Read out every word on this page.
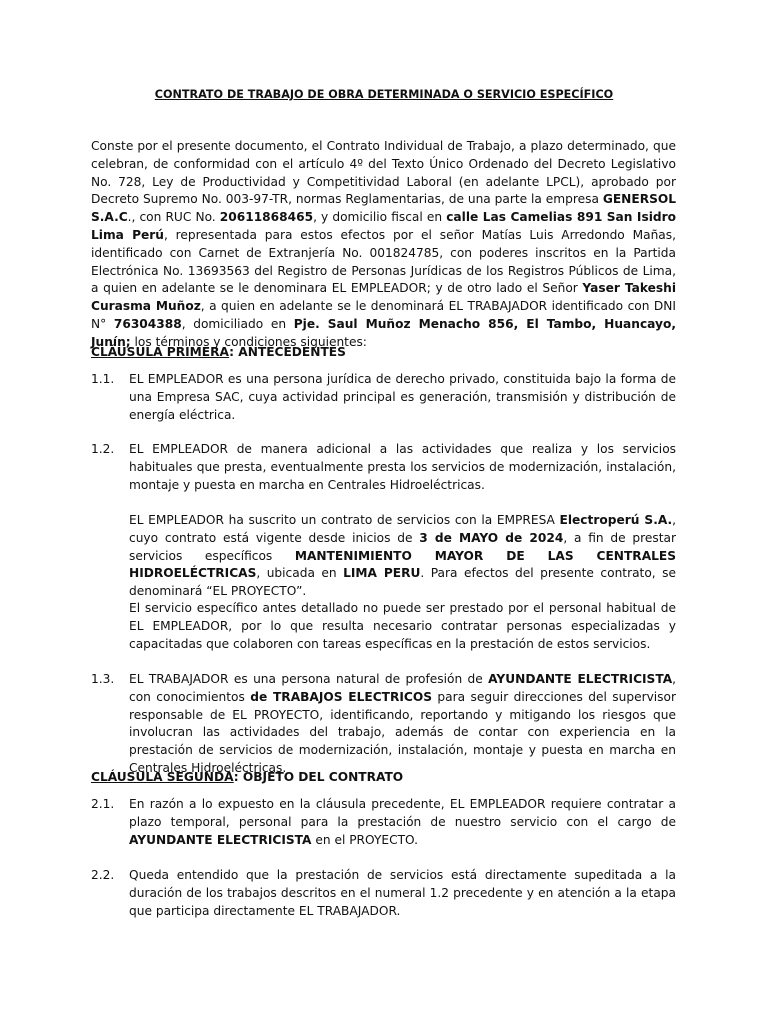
CONTRATO DE TRABAJO DE OBRA DETERMINADA O SERVICIO ESPECÍFICO

Conste por el presente documento, el Contrato Individual de Trabajo, a plazo determinado, que celebran, de conformidad con el artículo 4º del Texto Único Ordenado del Decreto Legislativo No. 728, Ley de Productividad y Competitividad Laboral (en adelante LPCL), aprobado por Decreto Supremo No. 003-97-TR, normas Reglamentarias, de una parte la empresa GENERSOL S.A.C., con RUC No. 20611868465, y domicilio fiscal en calle Las Camelias 891 San Isidro Lima Perú, representada para estos efectos por el señor Matías Luis Arredondo Mañas, identificado con Carnet de Extranjería No. 001824785, con poderes inscritos en la Partida Electrónica No. 13693563 del Registro de Personas Jurídicas de los Registros Públicos de Lima, a quien en adelante se le denominara EL EMPLEADOR; y de otro lado el Señor Yaser Takeshi Curasma Muñoz, a quien en adelante se le denominará EL TRABAJADOR identificado con DNI N° 76304388, domiciliado en Pje. Saul Muñoz Menacho 856, El Tambo, Huancayo, Junín; los términos y condiciones siguientes:

CLÁUSULA PRIMERA: ANTECEDENTES
1.1. EL EMPLEADOR es una persona jurídica de derecho privado, constituida bajo la forma de una Empresa SAC, cuya actividad principal es generación, transmisión y distribución de energía eléctrica.

1.2. EL EMPLEADOR de manera adicional a las actividades que realiza y los servicios habituales que presta, eventualmente presta los servicios de modernización, instalación, montaje y puesta en marcha en Centrales Hidroeléctricas.

EL EMPLEADOR ha suscrito un contrato de servicios con la EMPRESA Electroperú S.A., cuyo contrato está vigente desde inicios de 3 de MAYO de 2024, a fin de prestar servicios específicos MANTENIMIENTO MAYOR DE LAS CENTRALES HIDROELÉCTRICAS, ubicada en LIMA PERU. Para efectos del presente contrato, se denominará “EL PROYECTO”.

El servicio específico antes detallado no puede ser prestado por el personal habitual de EL EMPLEADOR, por lo que resulta necesario contratar personas especializadas y capacitadas que colaboren con tareas específicas en la prestación de estos servicios.

1.3. EL TRABAJADOR es una persona natural de profesión de AYUNDANTE ELECTRICISTA, con conocimientos de TRABAJOS ELECTRICOS para seguir direcciones del supervisor responsable de EL PROYECTO, identificando, reportando y mitigando los riesgos que involucran las actividades del trabajo, además de contar con experiencia en la prestación de servicios de modernización, instalación, montaje y puesta en marcha en Centrales Hidroeléctricas.

CLÁUSULA SEGUNDA: OBJETO DEL CONTRATO
2.1. En razón a lo expuesto en la cláusula precedente, EL EMPLEADOR requiere contratar a plazo temporal, personal para la prestación de nuestro servicio con el cargo de AYUNDANTE ELECTRICISTA en el PROYECTO.

2.2. Queda entendido que la prestación de servicios está directamente supeditada a la duración de los trabajos descritos en el numeral 1.2 precedente y en atención a la etapa que participa directamente EL TRABAJADOR.
